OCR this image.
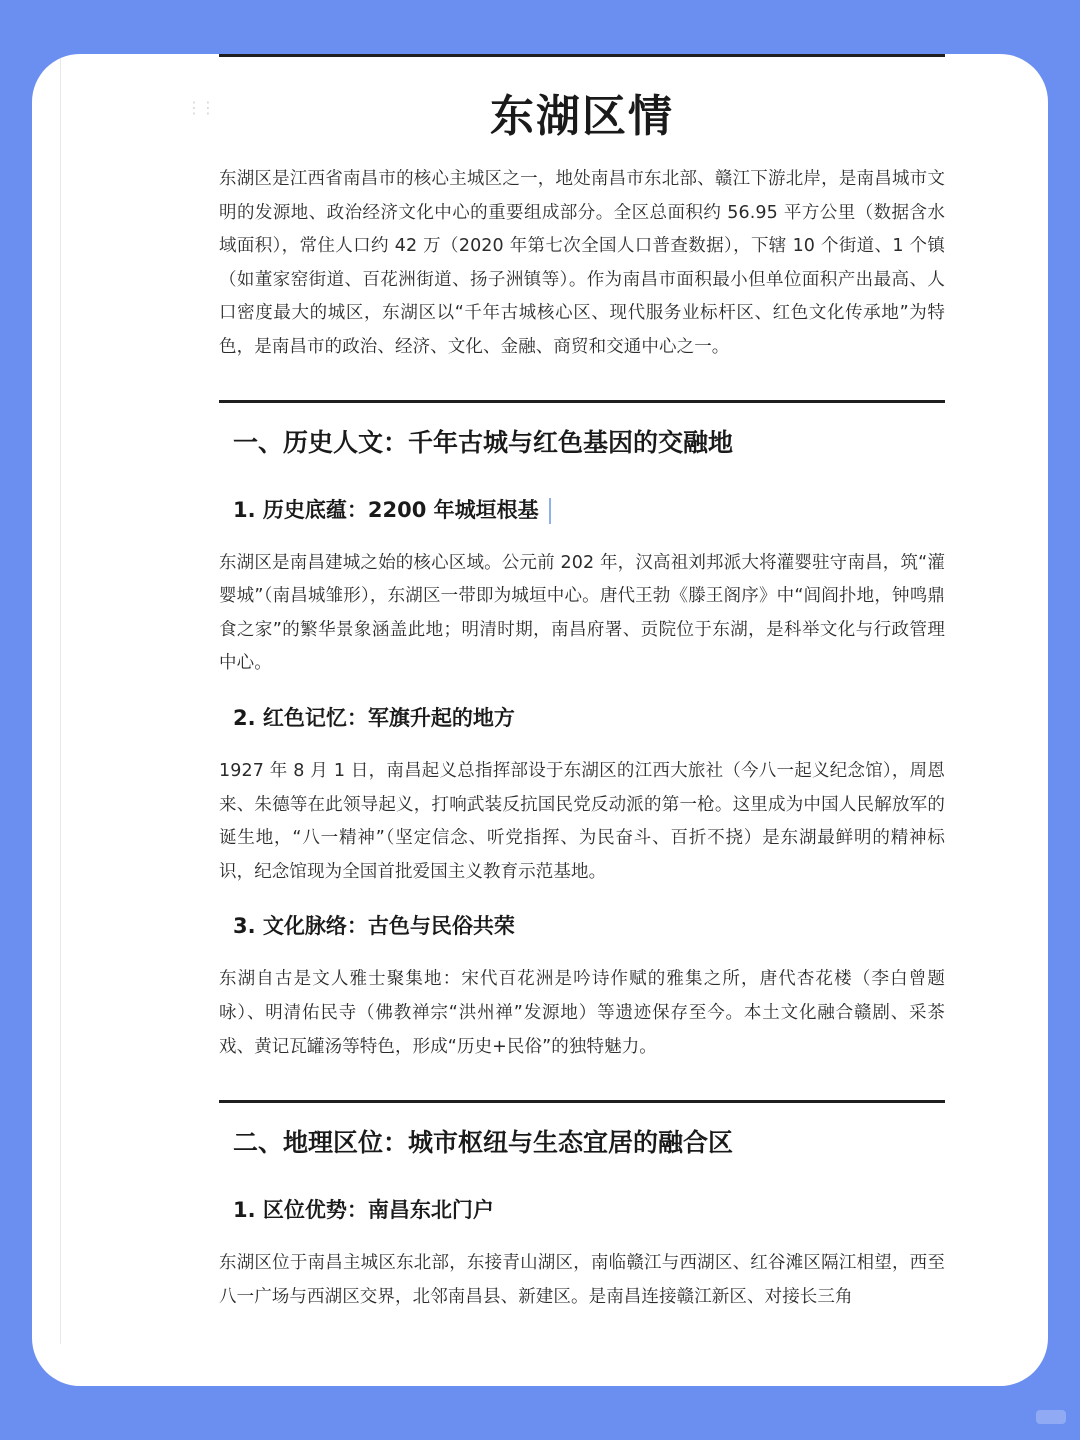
⋮⋮	东湖区情

东湖区是江西省南昌市的核心主城区之一，地处南昌市东北部、赣江下游北岸，是南昌城市文明的发源地、政治经济文化中心的重要组成部分。全区总面积约 56.95 平方公里（数据含水域面积），常住人口约 42 万（2020 年第七次全国人口普查数据），下辖 10 个街道、1 个镇（如董家窑街道、百花洲街道、扬子洲镇等）。作为南昌市面积最小但单位面积产出最高、人口密度最大的城区，东湖区以“千年古城核心区、现代服务业标杆区、红色文化传承地”为特色，是南昌市的政治、经济、文化、金融、商贸和交通中心之一。

一、历史人文：千年古城与红色基因的交融地
1. 历史底蕴：2200 年城垣根基

东湖区是南昌建城之始的核心区域。公元前 202 年，汉高祖刘邦派大将灌婴驻守南昌，筑“灌婴城”（南昌城雏形），东湖区一带即为城垣中心。唐代王勃《滕王阁序》中“闾阎扑地，钟鸣鼎食之家”的繁华景象涵盖此地；明清时期，南昌府署、贡院位于东湖，是科举文化与行政管理中心。

2. 红色记忆：军旗升起的地方

1927 年 8 月 1 日，南昌起义总指挥部设于东湖区的江西大旅社（今八一起义纪念馆），周恩来、朱德等在此领导起义，打响武装反抗国民党反动派的第一枪。这里成为中国人民解放军的诞生地，“八一精神”（坚定信念、听党指挥、为民奋斗、百折不挠）是东湖最鲜明的精神标识，纪念馆现为全国首批爱国主义教育示范基地。

3. 文化脉络：古色与民俗共荣

东湖自古是文人雅士聚集地：宋代百花洲是吟诗作赋的雅集之所，唐代杏花楼（李白曾题咏）、明清佑民寺（佛教禅宗“洪州禅”发源地）等遗迹保存至今。本土文化融合赣剧、采茶戏、黄记瓦罐汤等特色，形成“历史+民俗”的独特魅力。

二、地理区位：城市枢纽与生态宜居的融合区
1. 区位优势：南昌东北门户

东湖区位于南昌主城区东北部，东接青山湖区，南临赣江与西湖区、红谷滩区隔江相望，西至八一广场与西湖区交界，北邻南昌县、新建区。是南昌连接赣江新区、对接长三角
